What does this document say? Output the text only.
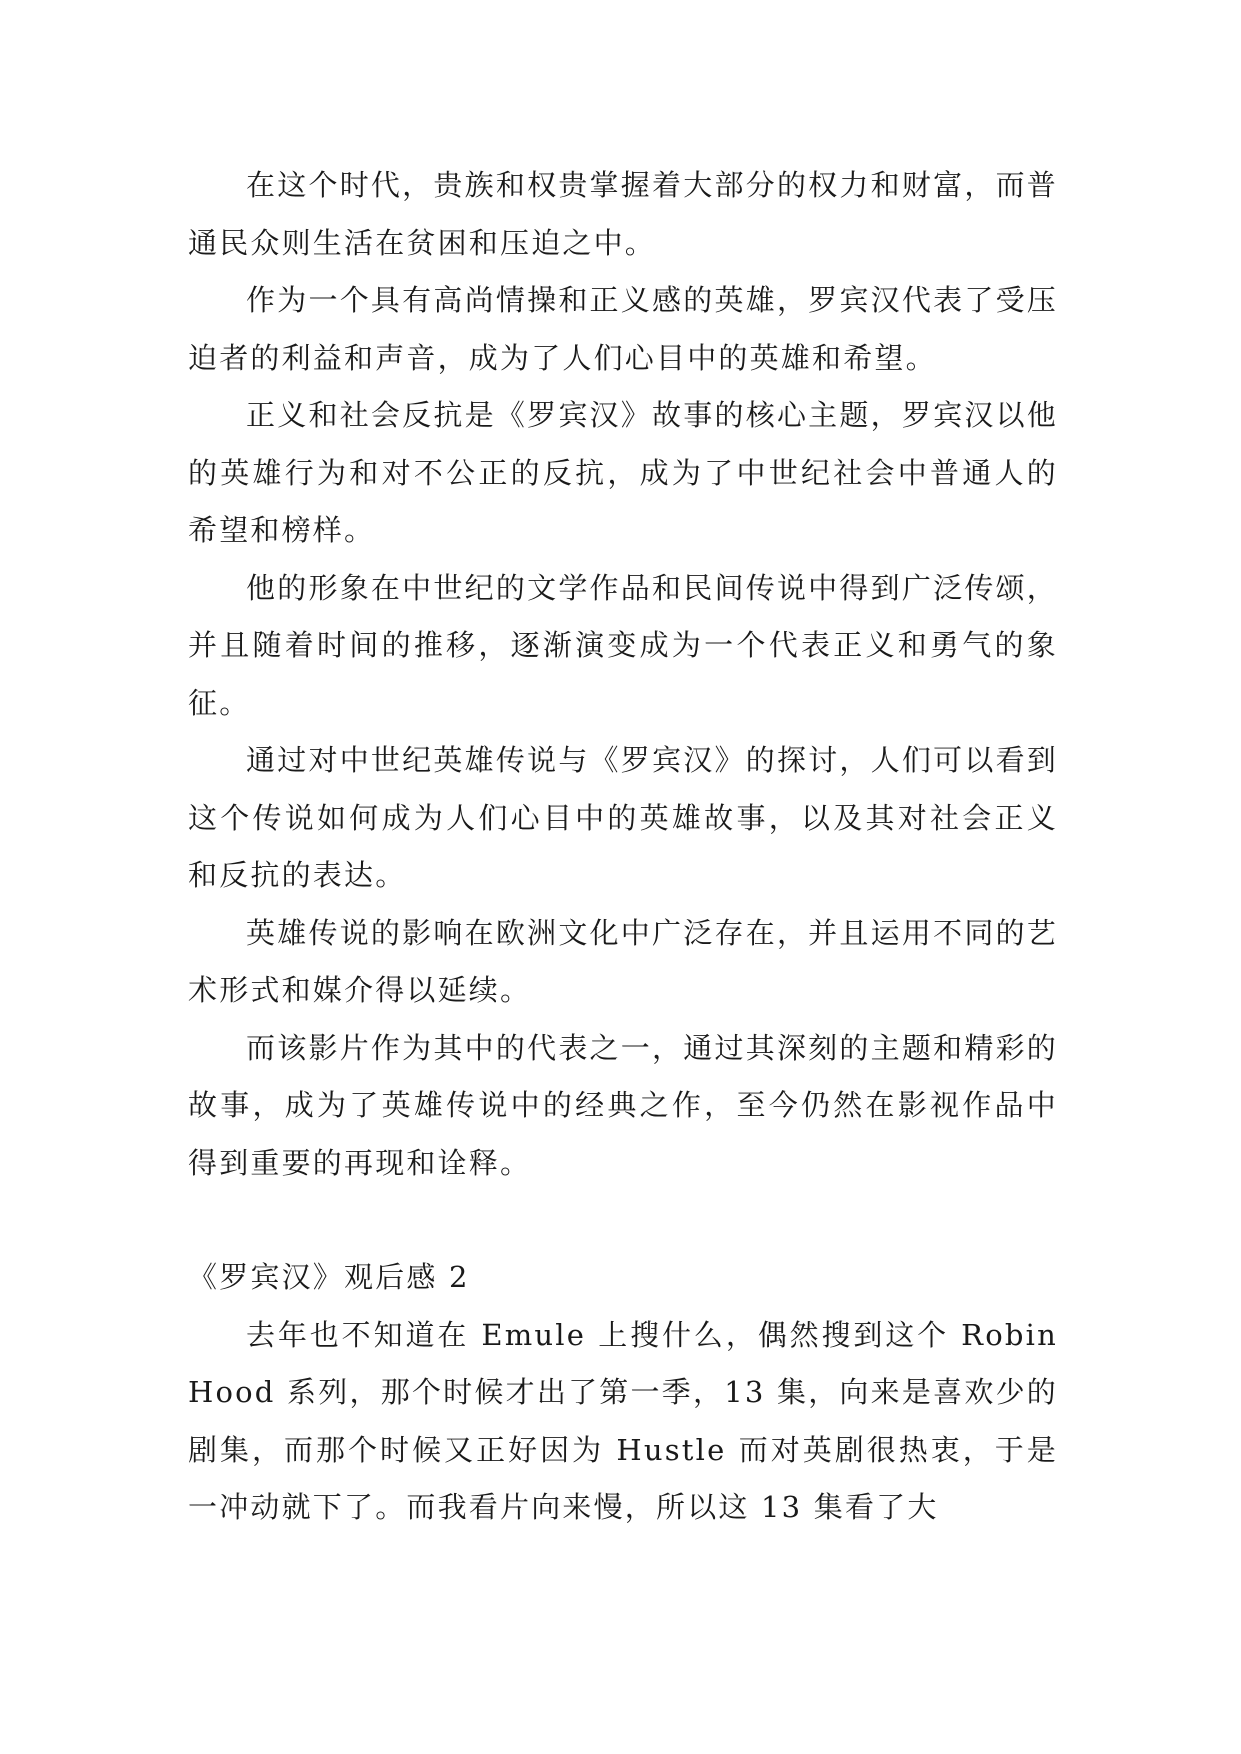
在这个时代，贵族和权贵掌握着大部分的权力和财富，而普通民众则生活在贫困和压迫之中。

作为一个具有高尚情操和正义感的英雄，罗宾汉代表了受压迫者的利益和声音，成为了人们心目中的英雄和希望。

正义和社会反抗是《罗宾汉》故事的核心主题，罗宾汉以他的英雄行为和对不公正的反抗，成为了中世纪社会中普通人的希望和榜样。

他的形象在中世纪的文学作品和民间传说中得到广泛传颂，并且随着时间的推移，逐渐演变成为一个代表正义和勇气的象征。

通过对中世纪英雄传说与《罗宾汉》的探讨，人们可以看到这个传说如何成为人们心目中的英雄故事，以及其对社会正义和反抗的表达。

英雄传说的影响在欧洲文化中广泛存在，并且运用不同的艺术形式和媒介得以延续。

而该影片作为其中的代表之一，通过其深刻的主题和精彩的故事，成为了英雄传说中的经典之作，至今仍然在影视作品中得到重要的再现和诠释。

《罗宾汉》观后感 2

去年也不知道在 Emule 上搜什么，偶然搜到这个 Robin Hood 系列，那个时候才出了第一季，13 集，向来是喜欢少的剧集，而那个时候又正好因为 Hustle 而对英剧很热衷，于是一冲动就下了。而我看片向来慢，所以这 13 集看了大
